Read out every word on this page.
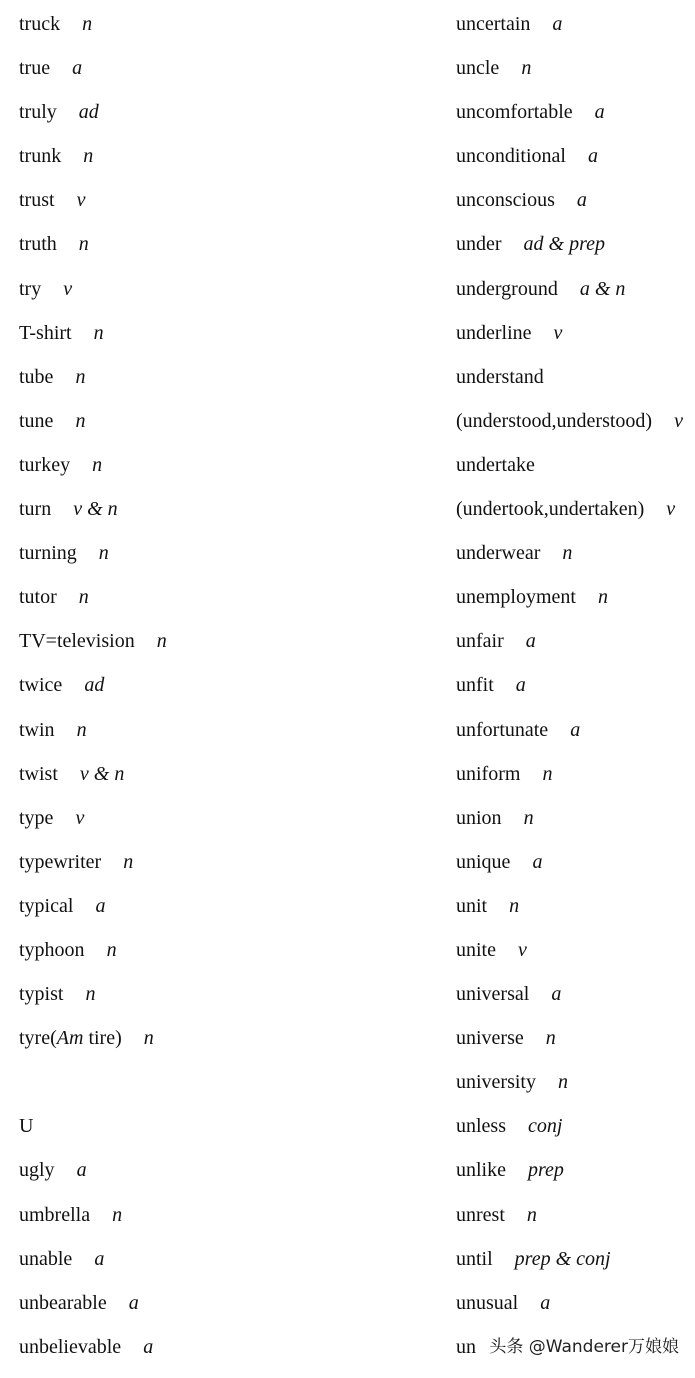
truck n
true a
truly ad
trunk n
trust v
truth n
try v
T-shirt n
tube n
tune n
turkey n
turn v & n
turning n
tutor n
TV=television n
twice ad
twin n
twist v & n
type v
typewriter n
typical a
typhoon n
typist n
tyre(Am tire) n
U
ugly a
umbrella n
unable a
unbearable a
unbelievable a
uncertain a
uncle n
uncomfortable a
unconditional a
unconscious a
under ad & prep
underground a & n
underline v
understand
(understood,understood) v
undertake
(undertook,undertaken) v
underwear n
unemployment n
unfair a
unfit a
unfortunate a
uniform n
union n
unique a
unit n
unite v
universal a
universe n
university n
unless conj
unlike prep
unrest n
until prep & conj
unusual a
un 头条 @Wanderer万娘娘
